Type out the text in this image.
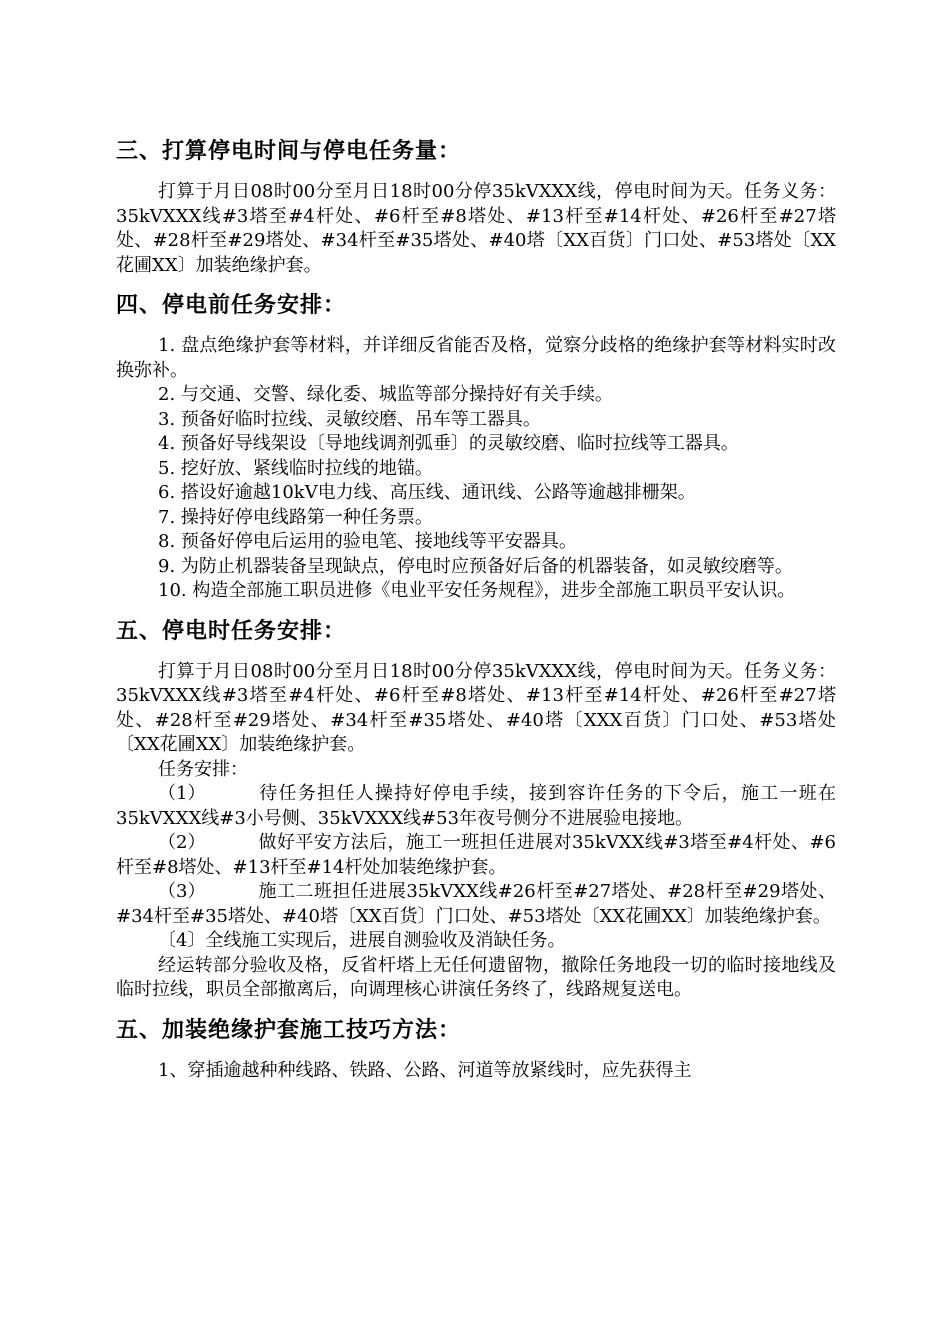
三、打算停电时间与停电任务量：

打算于月日08时00分至月日18时00分停35kVXXX线，停电时间为天。任务义务：35kVXXX线#3塔至#4杆处、#6杆至#8塔处、#13杆至#14杆处、#26杆至#27塔处、#28杆至#29塔处、#34杆至#35塔处、#40塔〔XX百货〕门口处、#53塔处〔XX花圃XX〕加装绝缘护套。

四、停电前任务安排：

1. 盘点绝缘护套等材料，并详细反省能否及格，觉察分歧格的绝缘护套等材料实时改换弥补。

2. 与交通、交警、绿化委、城监等部分操持好有关手续。

3. 预备好临时拉线、灵敏绞磨、吊车等工器具。

4. 预备好导线架设〔导地线调剂弧垂〕的灵敏绞磨、临时拉线等工器具。

5. 挖好放、紧线临时拉线的地锚。

6. 搭设好逾越10kV电力线、高压线、通讯线、公路等逾越排栅架。

7. 操持好停电线路第一种任务票。

8. 预备好停电后运用的验电笔、接地线等平安器具。

9. 为防止机器装备呈现缺点，停电时应预备好后备的机器装备，如灵敏绞磨等。

10. 构造全部施工职员进修《电业平安任务规程》，进步全部施工职员平安认识。

五、停电时任务安排：

打算于月日08时00分至月日18时00分停35kVXXX线，停电时间为天。任务义务：35kVXXX线#3塔至#4杆处、#6杆至#8塔处、#13杆至#14杆处、#26杆至#27塔处、#28杆至#29塔处、#34杆至#35塔处、#40塔〔XXX百货〕门口处、#53塔处〔XX花圃XX〕加装绝缘护套。

任务安排：

（1）	待任务担任人操持好停电手续，接到容许任务的下令后，施工一班在35kVXXX线#3小号侧、35kVXXX线#53年夜号侧分不进展验电接地。

（2）	做好平安方法后，施工一班担任进展对35kVXX线#3塔至#4杆处、#6杆至#8塔处、#13杆至#14杆处加装绝缘护套。

（3）	施工二班担任进展35kVXX线#26杆至#27塔处、#28杆至#29塔处、#34杆至#35塔处、#40塔〔XX百货〕门口处、#53塔处〔XX花圃XX〕加装绝缘护套。

〔4〕全线施工实现后，进展自测验收及消缺任务。

经运转部分验收及格，反省杆塔上无任何遗留物，撤除任务地段一切的临时接地线及临时拉线，职员全部撤离后，向调理核心讲演任务终了，线路规复送电。

五、加装绝缘护套施工技巧方法：

1、穿插逾越种种线路、铁路、公路、河道等放紧线时，应先获得主
